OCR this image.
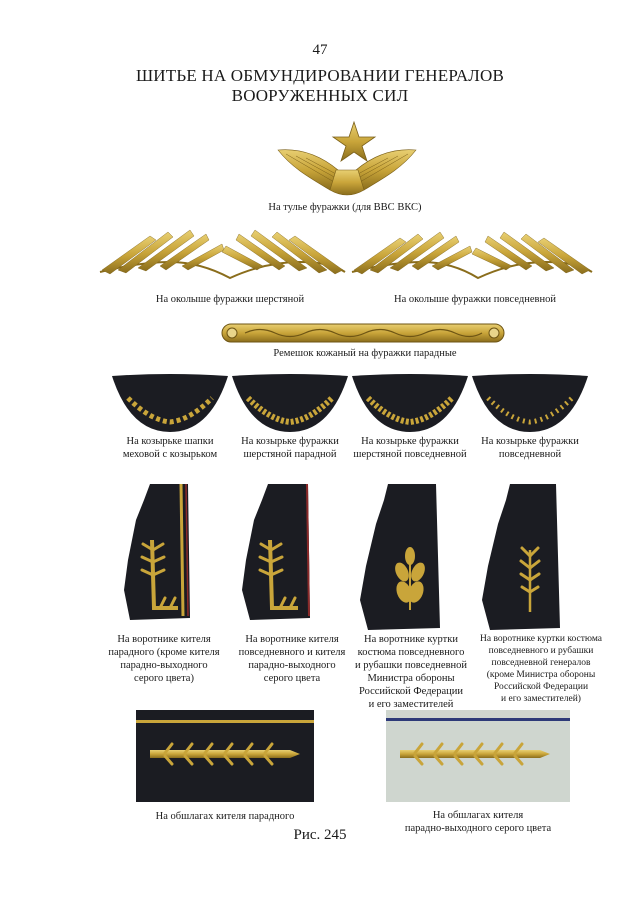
47
ШИТЬЕ НА ОБМУНДИРОВАНИИ ГЕНЕРАЛОВ
ВООРУЖЕННЫХ СИЛ
На тулье фуражки (для ВВС ВКС)
На околыше фуражки шерстяной	На околыше фуражки повседневной
Ремешок кожаный на фуражки парадные
На козырьке шапки
меховой с козырьком
На козырьке фуражки
шерстяной парадной
На козырьке фуражки
шерстяной повседневной
На козырьке фуражки
повседневной
На воротнике кителя
парадного (кроме кителя
парадно-выходного
серого цвета)
На воротнике кителя
повседневного и кителя
парадно-выходного
серого цвета
На воротнике куртки
костюма повседневного
и рубашки повседневной
Министра обороны
Российской Федерации
и его заместителей
На воротнике куртки костюма
повседневного и рубашки
повседневной генералов
(кроме Министра обороны
Российской Федерации
и его заместителей)
На обшлагах кителя парадного	На обшлагах кителя
парадно-выходного серого цвета
Рис. 245
